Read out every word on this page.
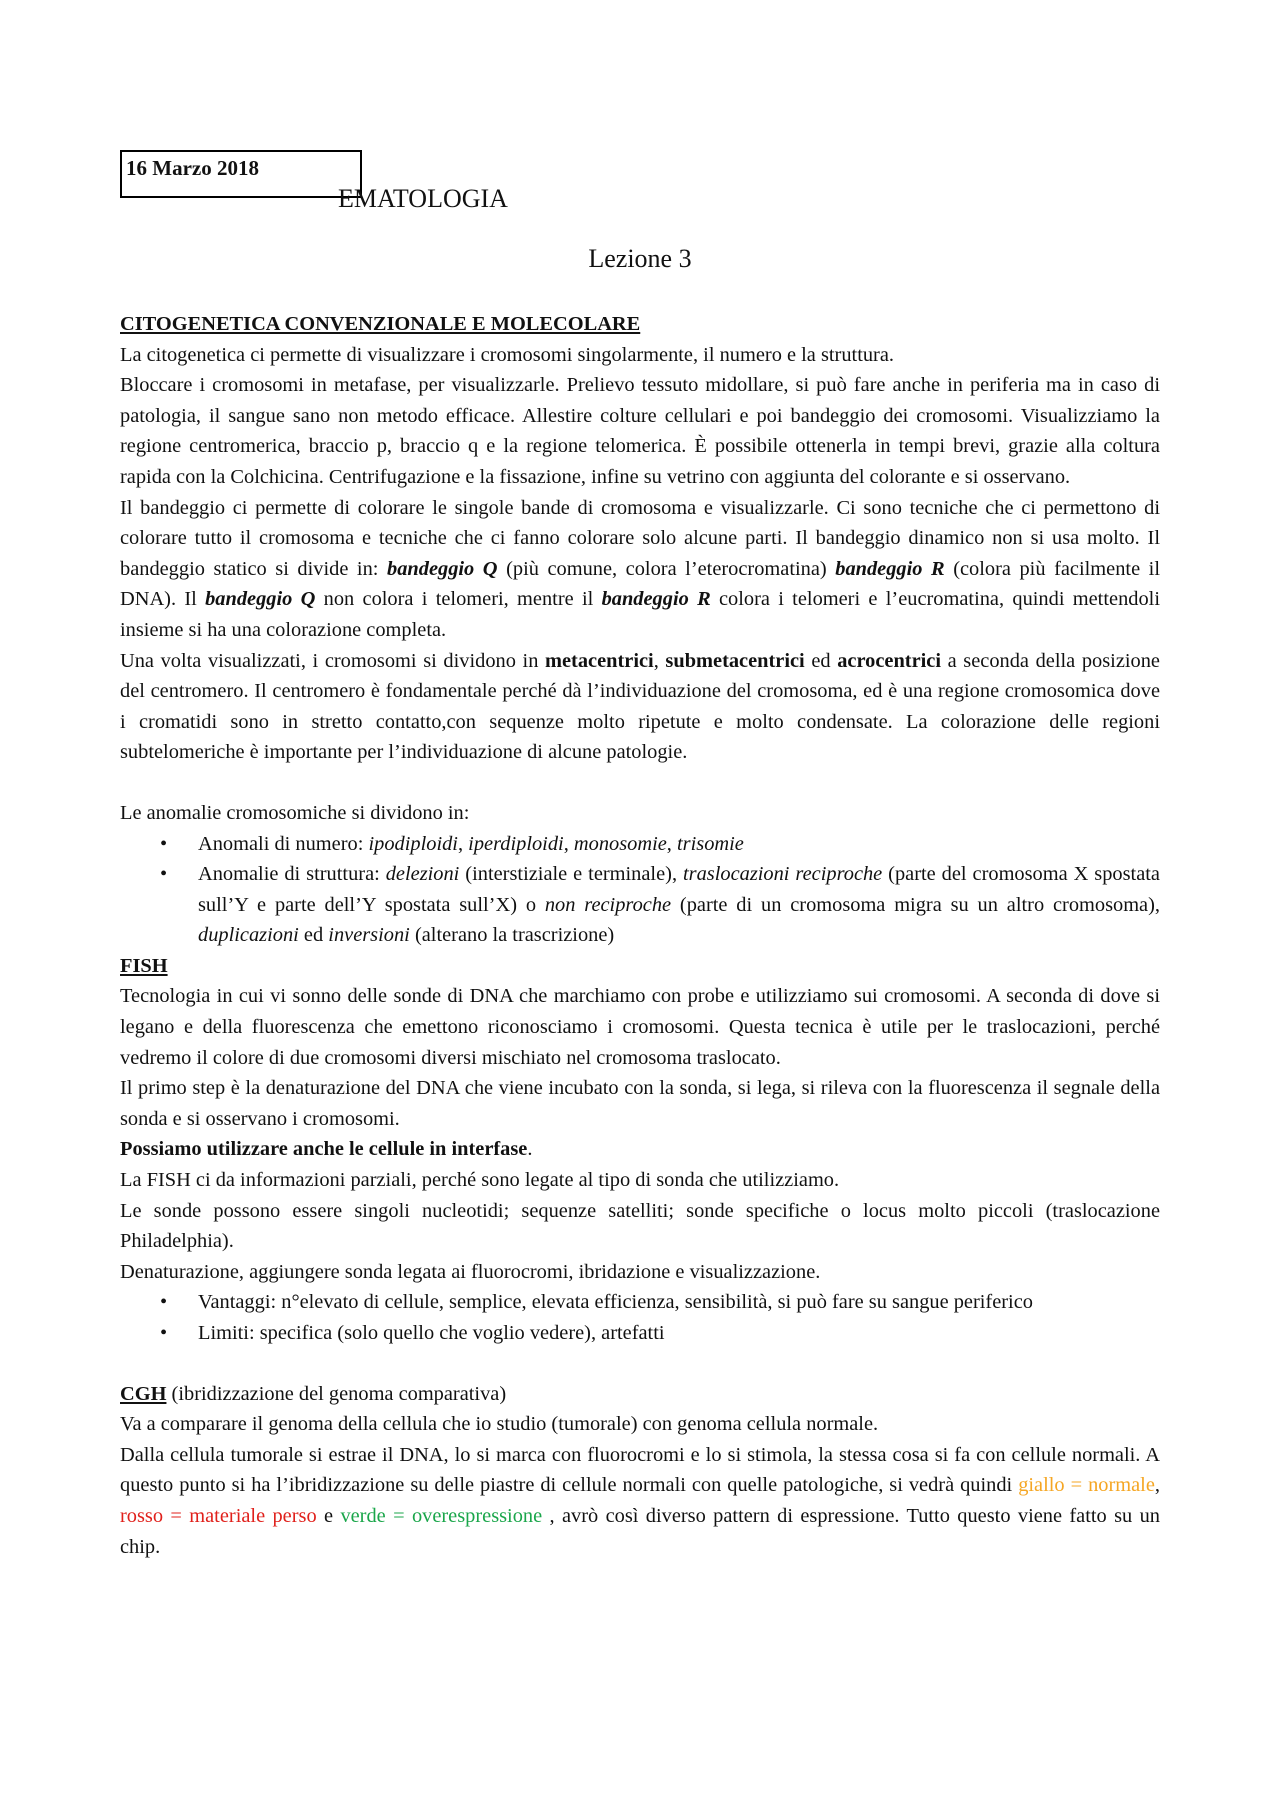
16 Marzo 2018
EMATOLOGIA
Lezione 3

CITOGENETICA CONVENZIONALE E MOLECOLARE

La citogenetica ci permette di visualizzare i cromosomi singolarmente, il numero e la struttura.

Bloccare i cromosomi in metafase, per visualizzarle. Prelievo tessuto midollare, si può fare anche in periferia ma in caso di patologia, il sangue sano non metodo efficace. Allestire colture cellulari e poi bandeggio dei cromosomi. Visualizziamo la regione centromerica, braccio p, braccio q e la regione telomerica. È possibile ottenerla in tempi brevi, grazie alla coltura rapida con la Colchicina. Centrifugazione e la fissazione, infine su vetrino con aggiunta del colorante e si osservano.

Il bandeggio ci permette di colorare le singole bande di cromosoma e visualizzarle. Ci sono tecniche che ci permettono di colorare tutto il cromosoma e tecniche che ci fanno colorare solo alcune parti. Il bandeggio dinamico non si usa molto. Il bandeggio statico si divide in: bandeggio Q (più comune, colora l’eterocromatina) bandeggio R (colora più facilmente il DNA). Il bandeggio Q non colora i telomeri, mentre il bandeggio R colora i telomeri e l’eucromatina, quindi mettendoli insieme si ha una colorazione completa.

Una volta visualizzati, i cromosomi si dividono in metacentrici, submetacentrici ed acrocentrici a seconda della posizione del centromero. Il centromero è fondamentale perché dà l’individuazione del cromosoma, ed è una regione cromosomica dove i cromatidi sono in stretto contatto,con sequenze molto ripetute e molto condensate. La colorazione delle regioni subtelomeriche è importante per l’individuazione di alcune patologie.

Le anomalie cromosomiche si dividono in:

• Anomali di numero: ipodiploidi, iperdiploidi, monosomie, trisomie
• Anomalie di struttura: delezioni (interstiziale e terminale), traslocazioni reciproche (parte del cromosoma X spostata sull’Y e parte dell’Y spostata sull’X) o non reciproche (parte di un cromosoma migra su un altro cromosoma), duplicazioni ed inversioni (alterano la trascrizione)

FISH

Tecnologia in cui vi sonno delle sonde di DNA che marchiamo con probe e utilizziamo sui cromosomi. A seconda di dove si legano e della fluorescenza che emettono riconosciamo i cromosomi. Questa tecnica è utile per le traslocazioni, perché vedremo il colore di due cromosomi diversi mischiato nel cromosoma traslocato.

Il primo step è la denaturazione del DNA che viene incubato con la sonda, si lega, si rileva con la fluorescenza il segnale della sonda e si osservano i cromosomi.

Possiamo utilizzare anche le cellule in interfase.

La FISH ci da informazioni parziali, perché sono legate al tipo di sonda che utilizziamo.

Le sonde possono essere singoli nucleotidi; sequenze satelliti; sonde specifiche o locus molto piccoli (traslocazione Philadelphia).

Denaturazione, aggiungere sonda legata ai fluorocromi, ibridazione e visualizzazione.

• Vantaggi: n°elevato di cellule, semplice, elevata efficienza, sensibilità, si può fare su sangue periferico
• Limiti: specifica (solo quello che voglio vedere), artefatti

CGH (ibridizzazione del genoma comparativa)

Va a comparare il genoma della cellula che io studio (tumorale) con genoma cellula normale.

Dalla cellula tumorale si estrae il DNA, lo si marca con fluorocromi e lo si stimola, la stessa cosa si fa con cellule normali. A questo punto si ha l’ibridizzazione su delle piastre di cellule normali con quelle patologiche, si vedrà quindi giallo = normale, rosso = materiale perso e verde = overespressione , avrò così diverso pattern di espressione. Tutto questo viene fatto su un chip.
